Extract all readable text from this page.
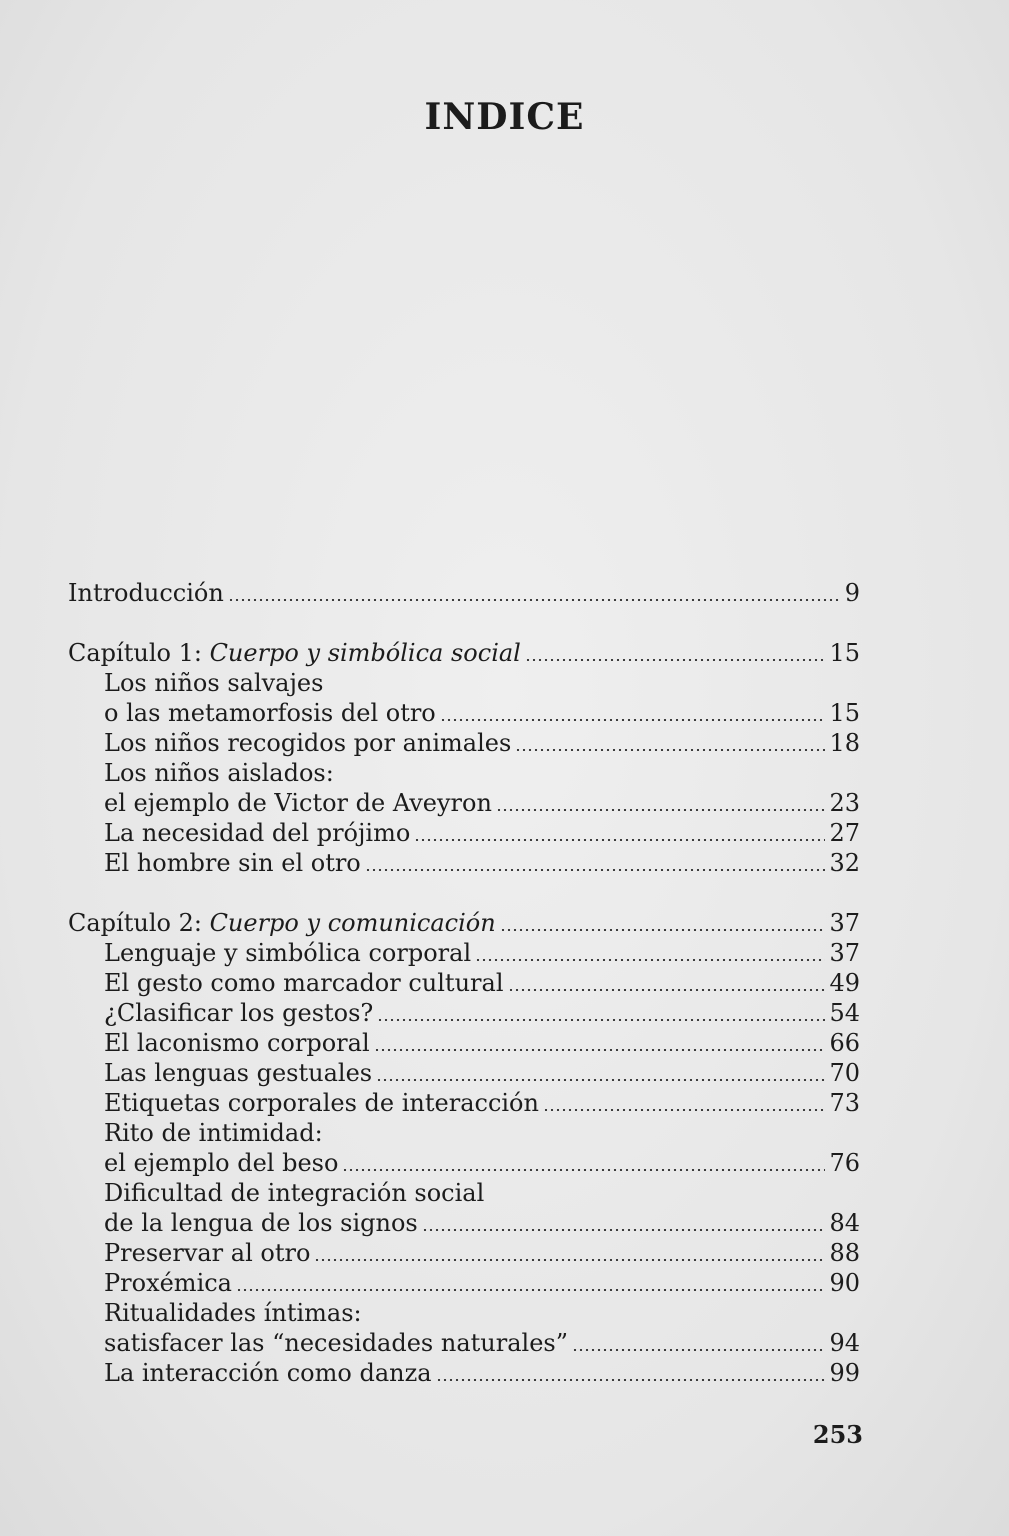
INDICE
Introducción	9
Capítulo 1: Cuerpo y simbólica social	15
Los niños salvajes
o las metamorfosis del otro	15
Los niños recogidos por animales	18
Los niños aislados:
el ejemplo de Victor de Aveyron	23
La necesidad del prójimo	27
El hombre sin el otro	32
Capítulo 2: Cuerpo y comunicación	37
Lenguaje y simbólica corporal	37
El gesto como marcador cultural	49
¿Clasificar los gestos?	54
El laconismo corporal	66
Las lenguas gestuales	70
Etiquetas corporales de interacción	73
Rito de intimidad:
el ejemplo del beso	76
Dificultad de integración social
de la lengua de los signos	84
Preservar al otro	88
Proxémica	90
Ritualidades íntimas:
satisfacer las “necesidades naturales”	94
La interacción como danza	99
253
